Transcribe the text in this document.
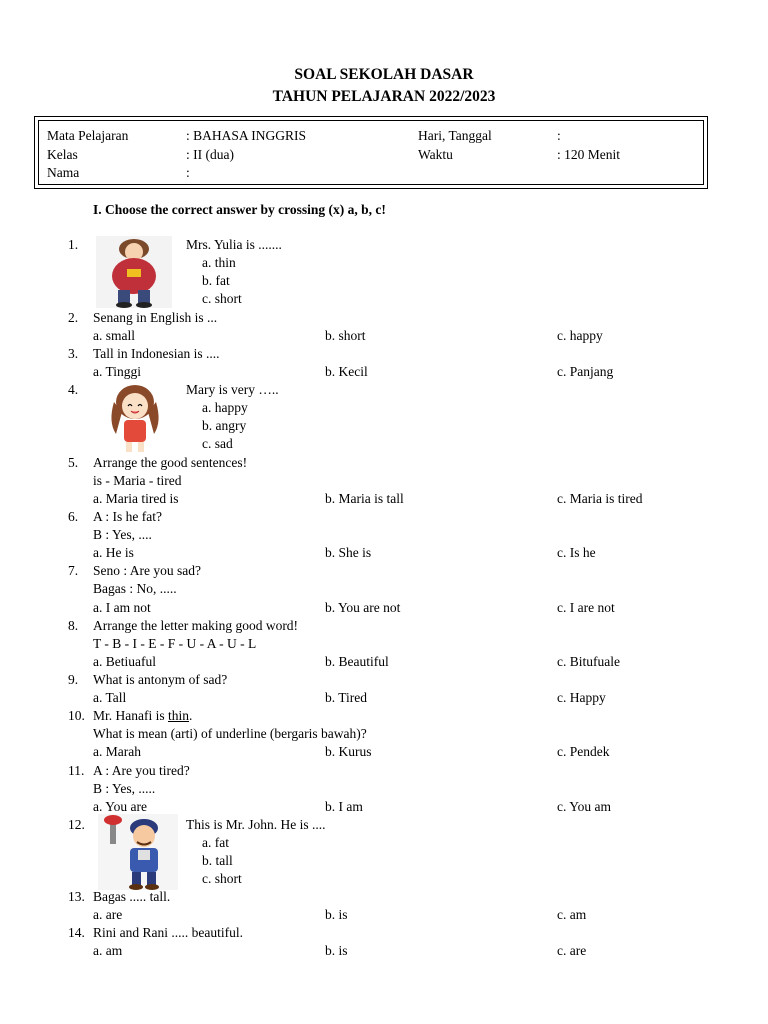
SOAL SEKOLAH DASAR
TAHUN PELAJARAN 2022/2023
Mata Pelajaran	: BAHASA INGGRIS	Hari, Tanggal	:
Kelas	: II (dua)	Waktu	: 120 Menit
Nama	:
I. Choose the correct answer by crossing (x) a, b, c!
1.	Mrs. Yulia is .......
a. thin
b. fat
c. short
2. Senang in English is ...
a. small	b. short	c. happy
3. Tall in Indonesian is ....
a. Tinggi	b. Kecil	c. Panjang
4.	Mary is very …..
a. happy
b. angry
c. sad
5. Arrange the good sentences!
is - Maria - tired
a. Maria tired is	b. Maria is tall	c. Maria is tired
6. A : Is he fat?
B : Yes, ....
a. He is	b. She is	c. Is he
7. Seno : Are you sad?
Bagas : No, .....
a. I am not	b. You are not	c. I are not
8. Arrange the letter making good word!
T - B - I - E - F - U - A - U - L
a. Betiuaful	b. Beautiful	c. Bitufuale
9. What is antonym of sad?
a. Tall	b. Tired	c. Happy
10. Mr. Hanafi is thin.
What is mean (arti) of underline (bergaris bawah)?
a. Marah	b. Kurus	c. Pendek
11. A : Are you tired?
B : Yes, .....
a. You are	b. I am	c. You am
12.	This is Mr. John. He is ....
a. fat
b. tall
c. short
13. Bagas ..... tall.
a. are	b. is	c. am
14. Rini and Rani ..... beautiful.
a. am	b. is	c. are
